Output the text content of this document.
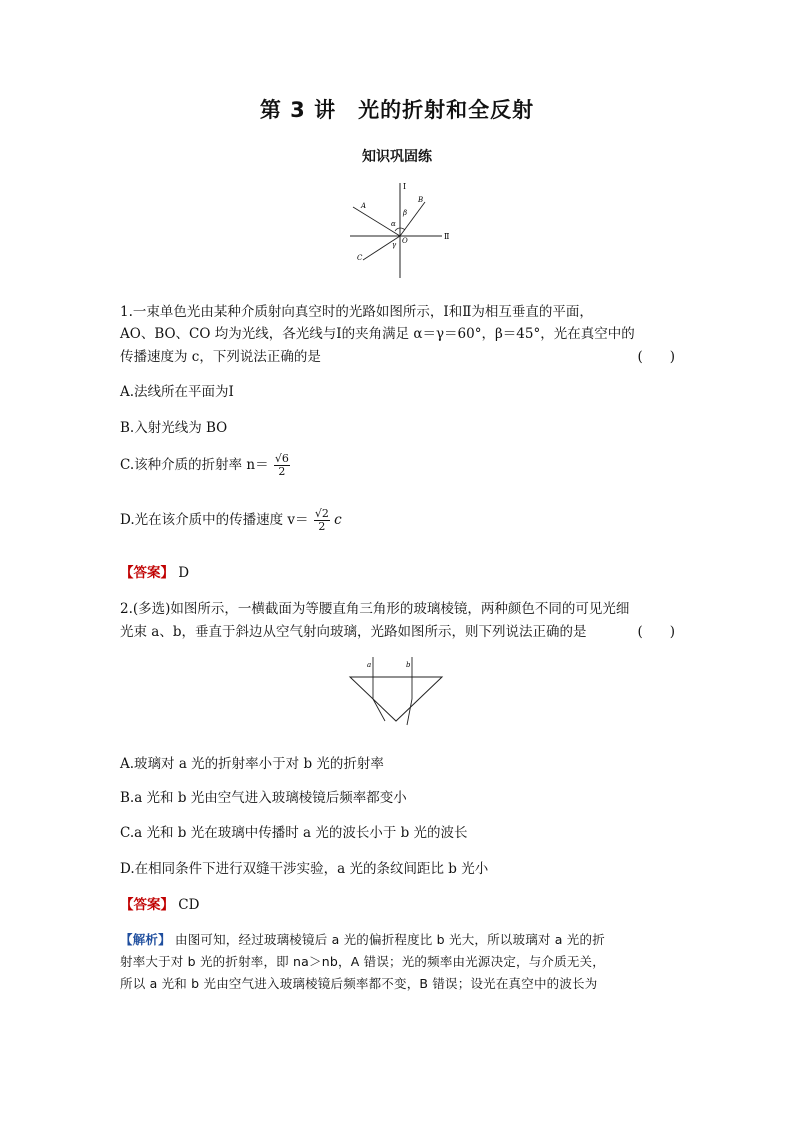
第 3 讲　光的折射和全反射
知识巩固练
Ⅰ
Ⅱ
A
B
C
O
α
β
γ
1.一束单色光由某种介质射向真空时的光路如图所示，Ⅰ和Ⅱ为相互垂直的平面，
AO、BO、CO 均为光线，各光线与Ⅰ的夹角满足 α＝γ＝60°，β＝45°，光在真空中的
传播速度为 c，下列说法正确的是	(　　)
A.法线所在平面为Ⅰ
B.入射光线为 BO
C.该种介质的折射率 $n= \frac{√6}{2}$
D.光在该介质中的传播速度 $v= \frac{√2}{2}$ c
【答案】 D
2.(多选)如图所示，一横截面为等腰直角三角形的玻璃棱镜，两种颜色不同的可见光细
光束 a、b，垂直于斜边从空气射向玻璃，光路如图所示，则下列说法正确的是	(　　)
a	b
A.玻璃对 a 光的折射率小于对 b 光的折射率
B.a 光和 b 光由空气进入玻璃棱镜后频率都变小
C.a 光和 b 光在玻璃中传播时 a 光的波长小于 b 光的波长
D.在相同条件下进行双缝干涉实验，a 光的条纹间距比 b 光小
【答案】 CD
【解析】 由图可知，经过玻璃棱镜后 a 光的偏折程度比 b 光大，所以玻璃对 a 光的折
射率大于对 b 光的折射率，即 na＞nb，A 错误；光的频率由光源决定，与介质无关，
所以 a 光和 b 光由空气进入玻璃棱镜后频率都不变，B 错误；设光在真空中的波长为
